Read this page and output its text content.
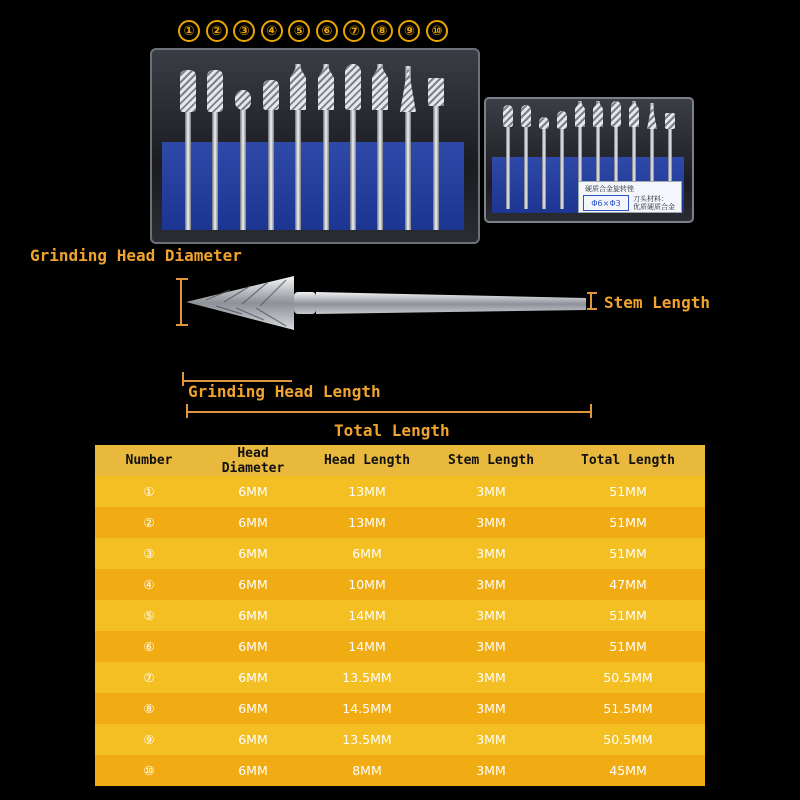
①	②	③	④	⑤	⑥	⑦	⑧	⑨	⑩
硬质合金旋转锉
Φ6×Φ3	刀头材料：
优质硬质合金
Grinding Head Diameter
Stem Length
Grinding Head Length
Total Length
Number	Head Diameter	Head Length	Stem Length	Total Length
①	6MM	13MM	3MM	51MM
②	6MM	13MM	3MM	51MM
③	6MM	6MM	3MM	51MM
④	6MM	10MM	3MM	47MM
⑤	6MM	14MM	3MM	51MM
⑥	6MM	14MM	3MM	51MM
⑦	6MM	13.5MM	3MM	50.5MM
⑧	6MM	14.5MM	3MM	51.5MM
⑨	6MM	13.5MM	3MM	50.5MM
⑩	6MM	8MM	3MM	45MM
